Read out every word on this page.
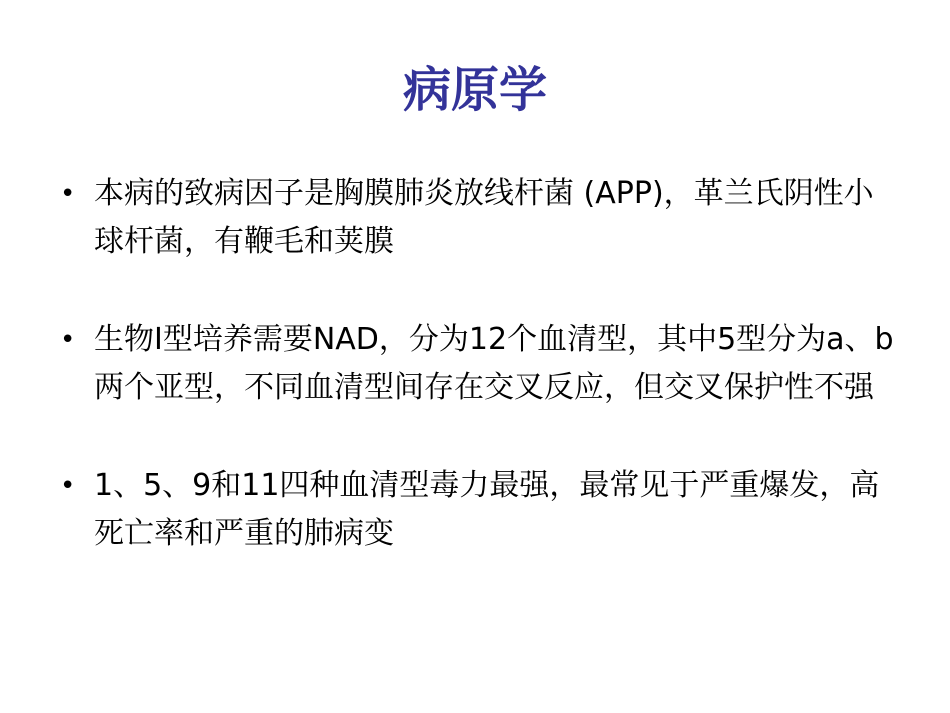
病原学
• 本病的致病因子是胸膜肺炎放线杆菌 (APP)，革兰氏阴性小球杆菌，有鞭毛和荚膜
• 生物Ⅰ型培养需要NAD，分为12个血清型，其中5型分为a、b两个亚型，不同血清型间存在交叉反应，但交叉保护性不强
• 1、5、9和11四种血清型毒力最强，最常见于严重爆发，高死亡率和严重的肺病变
